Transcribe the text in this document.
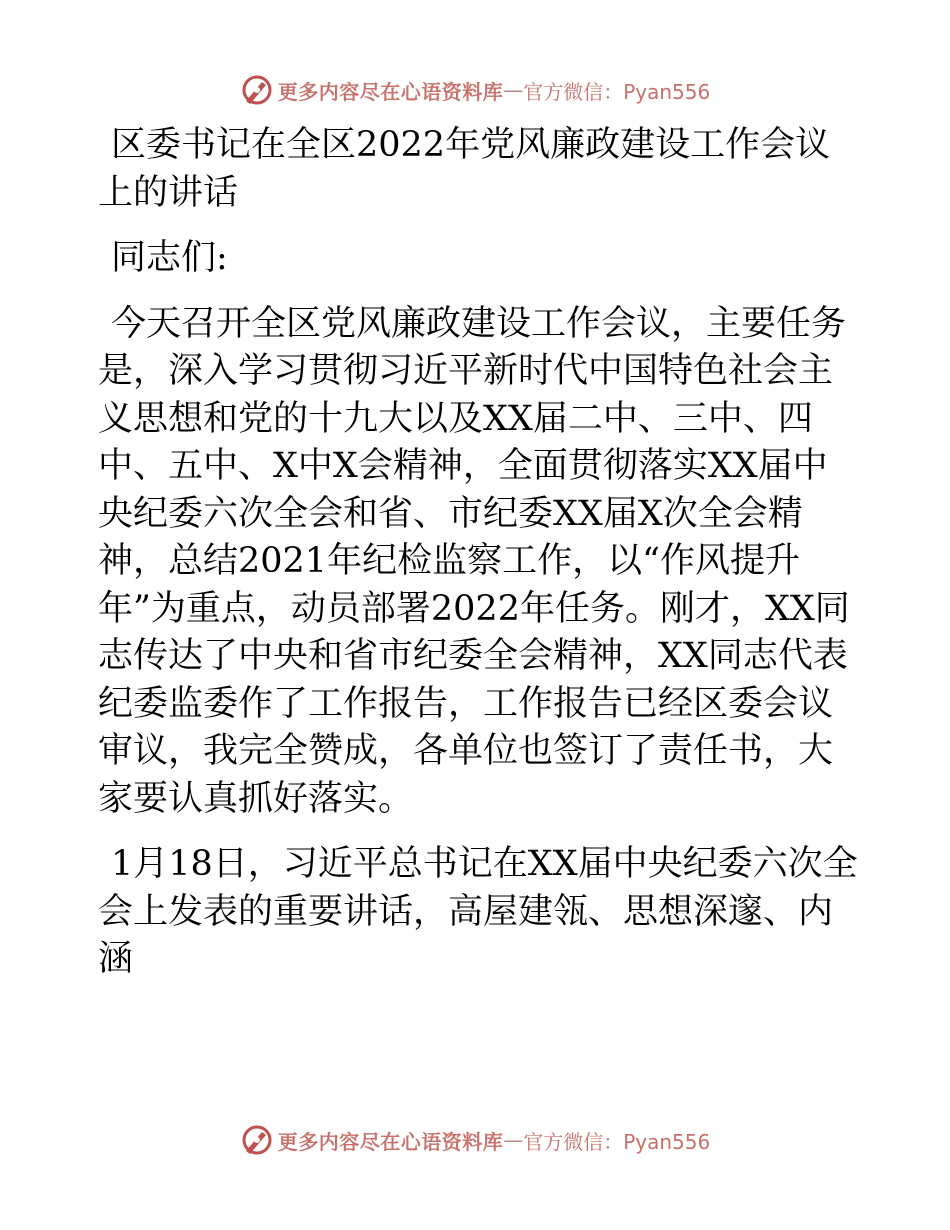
更多内容尽在心语资料库 — 官方微信：Pyan556
区委书记在全区2022年党风廉政建设工作会议上的讲话
同志们:
今天召开全区党风廉政建设工作会议，主要任务是，深入学习贯彻习近平新时代中国特色社会主义思想和党的十九大以及XX届二中、三中、四中、五中、X中X会精神，全面贯彻落实XX届中央纪委六次全会和省、市纪委XX届X次全会精神，总结2021年纪检监察工作，以“作风提升年”为重点，动员部署2022年任务。刚才，XX同志传达了中央和省市纪委全会精神，XX同志代表纪委监委作了工作报告，工作报告已经区委会议审议，我完全赞成，各单位也签订了责任书，大家要认真抓好落实。
1月18日，习近平总书记在XX届中央纪委六次全会上发表的重要讲话，高屋建瓴、思想深邃、内涵
更多内容尽在心语资料库 — 官方微信：Pyan556
